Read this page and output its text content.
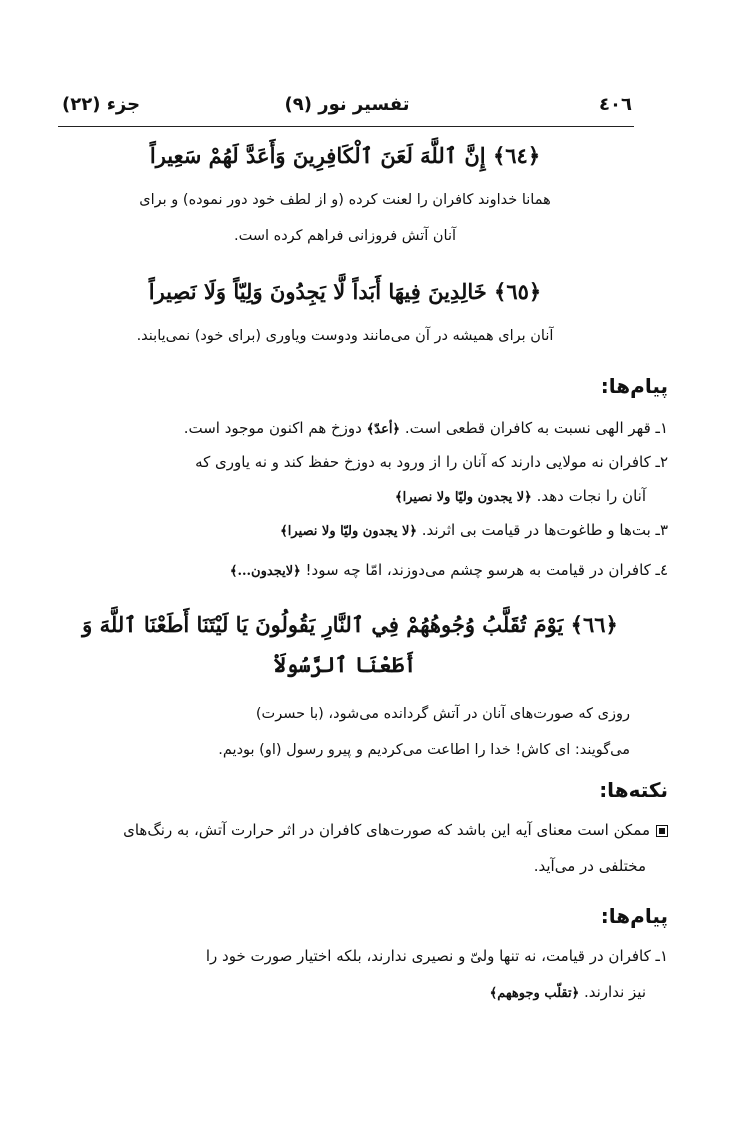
٤٠٦
تفسیر نور (٩)
جزء (٢٢)
﴿٦٤﴾ إِنَّ ٱللَّهَ لَعَنَ ٱلْكَافِرِينَ وَأَعَدَّ لَهُمْ سَعِيراً
همانا خداوند کافران را لعنت کرده (و از لطف خود دور نموده) و برای
آنان آتش فروزانی فراهم کرده است.
﴿٦٥﴾ خَالِدِينَ فِيهَا أَبَداً لَّا يَجِدُونَ وَلِيّاً وَلَا نَصِيراً
آنان برای همیشه در آن می‌مانند ودوست ویاوری (برای خود) نمی‌یابند.
پیام‌ها:
١ـ قهر الهی نسبت به کافران قطعی است. ﴿أعدّ﴾ دوزخ هم اکنون موجود است.
٢ـ کافران نه مولایی دارند که آنان را از ورود به دوزخ حفظ کند و نه یاوری که
آنان را نجات دهد. ﴿لا یجدون ولیّا ولا نصیرا﴾
٣ـ بت‌ها و طاغوت‌ها در قیامت بی اثرند. ﴿لا یجدون ولیّا ولا نصیرا﴾
٤ـ کافران در قیامت به هرسو چشم می‌دوزند، امّا چه سود! ﴿لایجدون...﴾
﴿٦٦﴾ يَوْمَ تُقَلَّبُ وُجُوهُهُمْ فِي ٱلنَّارِ يَقُولُونَ يَا لَيْتَنَا أَطَعْنَا ٱللَّهَ وَ
أَطَعْنَا ٱلرَّسُولَاْ
روزی که صورت‌های آنان در آتش گردانده می‌شود، (با حسرت)
می‌گویند: ای کاش! خدا را اطاعت می‌کردیم و پیرو رسول (او) بودیم.
نکته‌ها:
ممکن است معنای آیه این باشد که صورت‌های کافران در اثر حرارت آتش، به رنگ‌های
مختلفی در می‌آید.
پیام‌ها:
١ـ کافران در قیامت، نه تنها ولیّ و نصیری ندارند، بلکه اختیار صورت خود را
نیز ندارند. ﴿تقلّب وجوههم﴾
